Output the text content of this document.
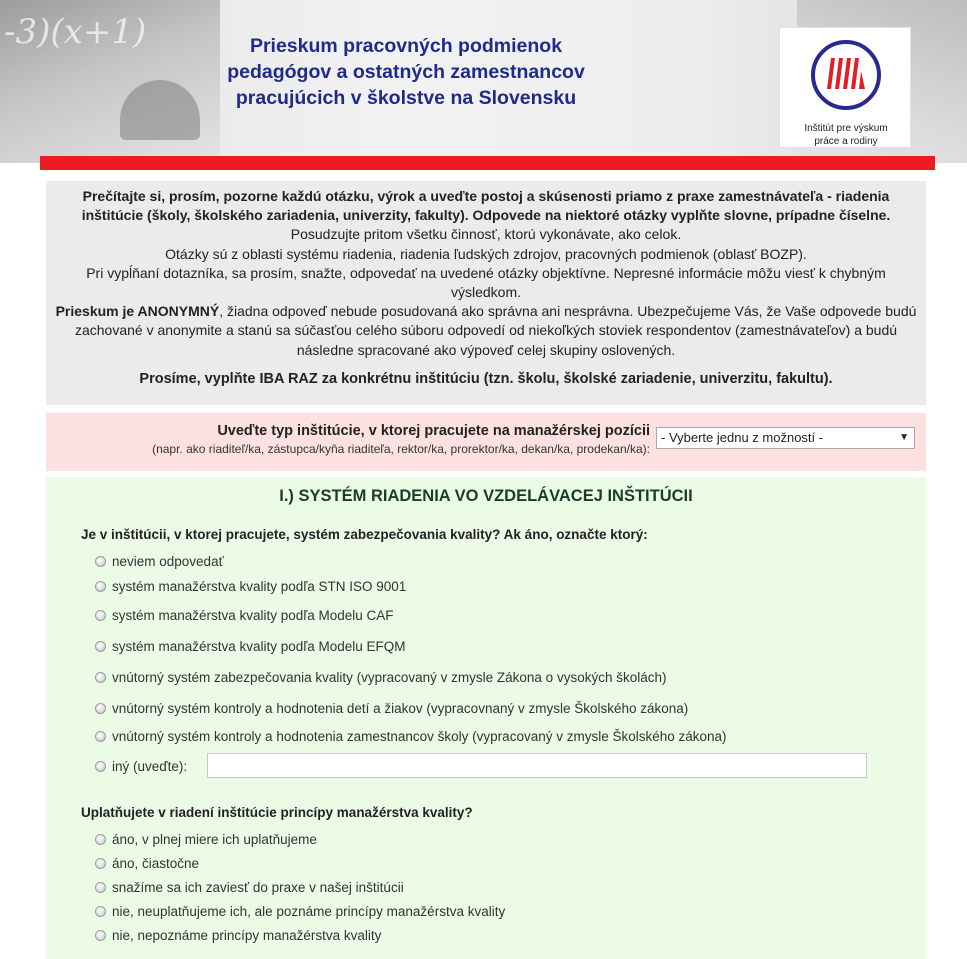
-3)(x+1)	Prieskum pracovných podmienok
pedagógov a ostatných zamestnancov
pracujúcich v školstve na Slovensku
Inštitút pre výskum
práce a rodiny

Prečítajte si, prosím, pozorne každú otázku, výrok a uveďte postoj a skúsenosti priamo z praxe zamestnávateľa - riadenia inštitúcie (školy, školského zariadenia, univerzity, fakulty). Odpovede na niektoré otázky vyplňte slovne, prípadne číselne. Posudzujte pritom všetku činnosť, ktorú vykonávate, ako celok.

Otázky sú z oblasti systému riadenia, riadenia ľudských zdrojov, pracovných podmienok (oblasť BOZP).

Pri vypĺňaní dotazníka, sa prosím, snažte, odpovedať na uvedené otázky objektívne. Nepresné informácie môžu viesť k chybným výsledkom.

Prieskum je ANONYMNÝ, žiadna odpoveď nebude posudovaná ako správna ani nesprávna. Ubezpečujeme Vás, že Vaše odpovede budú zachované v anonymite a stanú sa súčasťou celého súboru odpovedí od niekoľkých stoviek respondentov (zamestnávateľov) a budú následne spracované ako výpoveď celej skupiny oslovených.

Prosíme, vyplňte IBA RAZ za konkrétnu inštitúciu (tzn. školu, školské zariadenie, univerzitu, fakultu).

Uveďte typ inštitúcie, v ktorej pracujete na manažérskej pozícii
(napr. ako riaditeľ/ka, zástupca/kyňa riaditeľa, rektor/ka, prorektor/ka, dekan/ka, prodekan/ka):
- Vyberte jednu z možností -	▼
I.) SYSTÉM RIADENIA VO VZDELÁVACEJ INŠTITÚCII
Je v inštitúcii, v ktorej pracujete, systém zabezpečovania kvality? Ak áno, označte ktorý:
neviem odpovedať
systém manažérstva kvality podľa STN ISO 9001
systém manažérstva kvality podľa Modelu CAF
systém manažérstva kvality podľa Modelu EFQM
vnútorný systém zabezpečovania kvality (vypracovaný v zmysle Zákona o vysokých školách)
vnútorný systém kontroly a hodnotenia detí a žiakov (vypracovnaný v zmysle Školského zákona)
vnútorný systém kontroly a hodnotenia zamestnancov školy (vypracovaný v zmysle Školského zákona)
iný (uveďte):
Uplatňujete v riadení inštitúcie princípy manažérstva kvality?
áno, v plnej miere ich uplatňujeme
áno, čiastočne
snažíme sa ich zaviesť do praxe v našej inštitúcii
nie, neuplatňujeme ich, ale poznáme princípy manažérstva kvality
nie, nepoznáme princípy manažérstva kvality
